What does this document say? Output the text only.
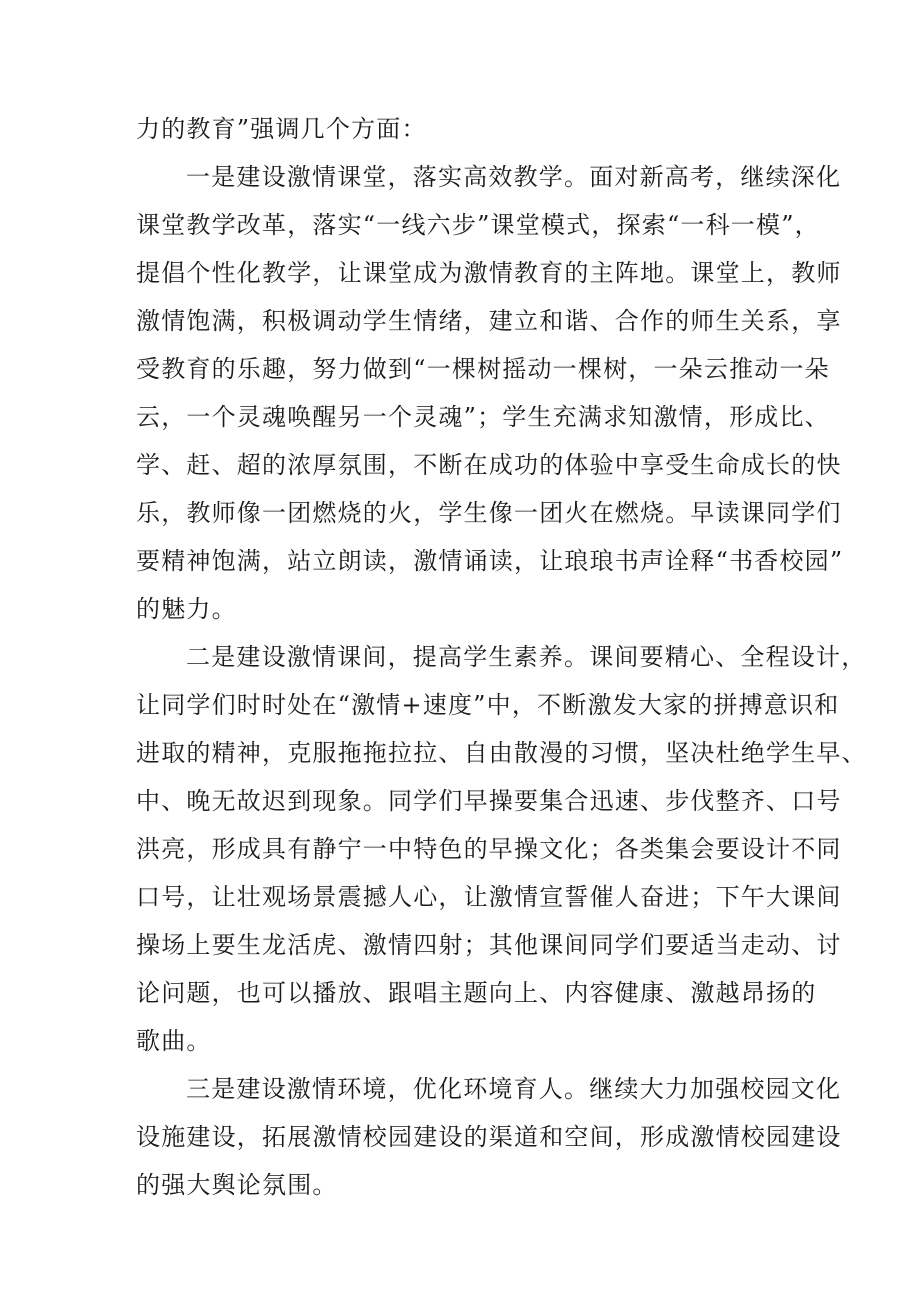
力的教育”强调几个方面：
一是建设激情课堂，落实高效教学。面对新高考，继续深化
课堂教学改革，落实“一线六步”课堂模式，探索“一科一模”，
提倡个性化教学，让课堂成为激情教育的主阵地。课堂上，教师
激情饱满，积极调动学生情绪，建立和谐、合作的师生关系，享
受教育的乐趣，努力做到“一棵树摇动一棵树，一朵云推动一朵
云，一个灵魂唤醒另一个灵魂”；学生充满求知激情，形成比、
学、赶、超的浓厚氛围，不断在成功的体验中享受生命成长的快
乐，教师像一团燃烧的火，学生像一团火在燃烧。早读课同学们
要精神饱满，站立朗读，激情诵读，让琅琅书声诠释“书香校园”
的魅力。
二是建设激情课间，提高学生素养。课间要精心、全程设计，
让同学们时时处在“激情+速度”中，不断激发大家的拼搏意识和
进取的精神，克服拖拖拉拉、自由散漫的习惯，坚决杜绝学生早、
中、晚无故迟到现象。同学们早操要集合迅速、步伐整齐、口号
洪亮，形成具有静宁一中特色的早操文化；各类集会要设计不同
口号，让壮观场景震撼人心，让激情宣誓催人奋进；下午大课间
操场上要生龙活虎、激情四射；其他课间同学们要适当走动、讨
论问题，也可以播放、跟唱主题向上、内容健康、激越昂扬的
歌曲。
三是建设激情环境，优化环境育人。继续大力加强校园文化
设施建设，拓展激情校园建设的渠道和空间，形成激情校园建设
的强大舆论氛围。
